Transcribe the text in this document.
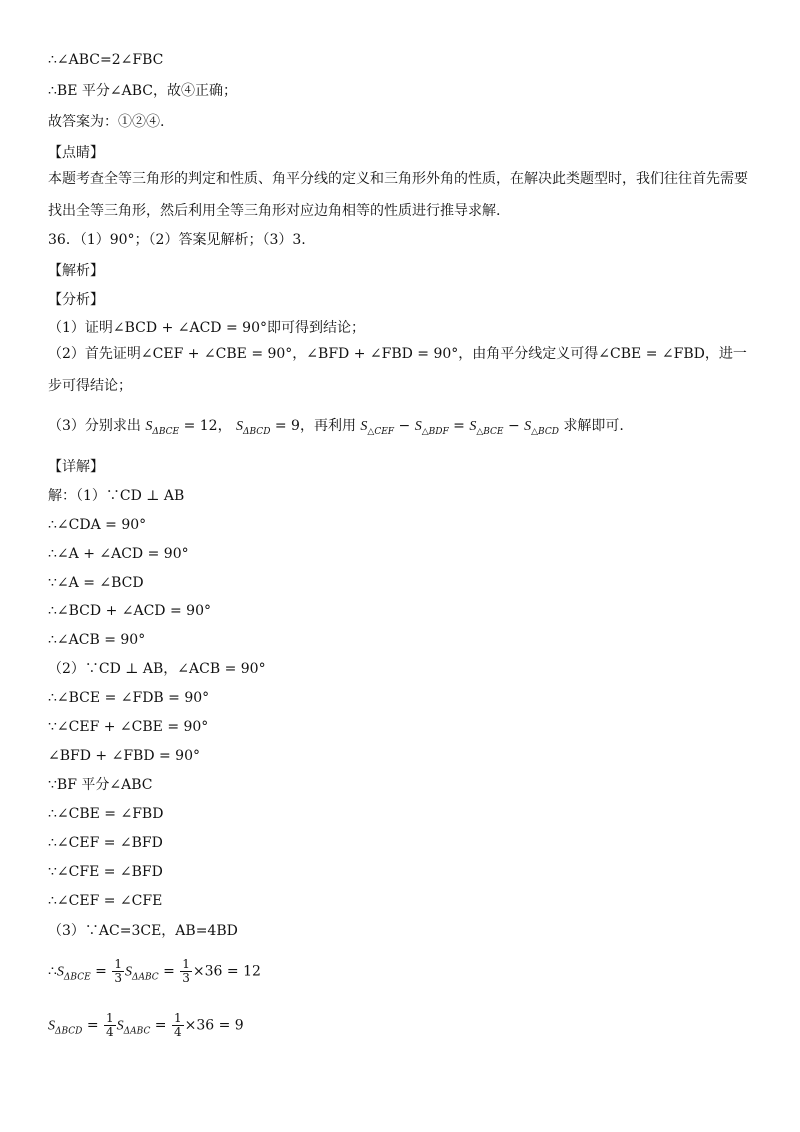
∴∠ABC=2∠FBC
∴BE 平分∠ABC，故④正确；
故答案为：①②④.
【点睛】
本题考查全等三角形的判定和性质、角平分线的定义和三角形外角的性质，在解决此类题型时，我们往往首先需要找出全等三角形，然后利用全等三角形对应边角相等的性质进行推导求解.
36．（1）90°；（2）答案见解析；（3）3.
【解析】
【分析】
（1）证明∠BCD + ∠ACD = 90°即可得到结论；
（2）首先证明∠CEF + ∠CBE = 90°，∠BFD + ∠FBD = 90°，由角平分线定义可得∠CBE = ∠FBD，进一步可得结论；
（3）分别求出 $S_{\Delta BCE} = 12$， $S_{\Delta BCD} = 9$，再利用 $S_{\triangle CEF} - S_{\triangle BDF} = S_{\triangle BCE} - S_{\triangle BCD}$ 求解即可.
【详解】
解：（1）∵CD ⊥ AB
∴∠CDA = 90°
∴∠A + ∠ACD = 90°
∵∠A = ∠BCD
∴∠BCD + ∠ACD = 90°
∴∠ACB = 90°
（2）∵CD ⊥ AB，∠ACB = 90°
∴∠BCE = ∠FDB = 90°
∵∠CEF + ∠CBE = 90°
∠BFD + ∠FBD = 90°
∵BF 平分∠ABC
∴∠CBE = ∠FBD
∴∠CEF = ∠BFD
∵∠CFE = ∠BFD
∴∠CEF = ∠CFE
（3）∵AC=3CE，AB=4BD
$\therefore S_{\Delta BCE} = \frac{1}{3} S_{\Delta ABC} = \frac{1}{3} \times 36 = 12$
$S_{\Delta BCD} = \frac{1}{4} S_{\Delta ABC} = \frac{1}{4} \times 36 = 9$
